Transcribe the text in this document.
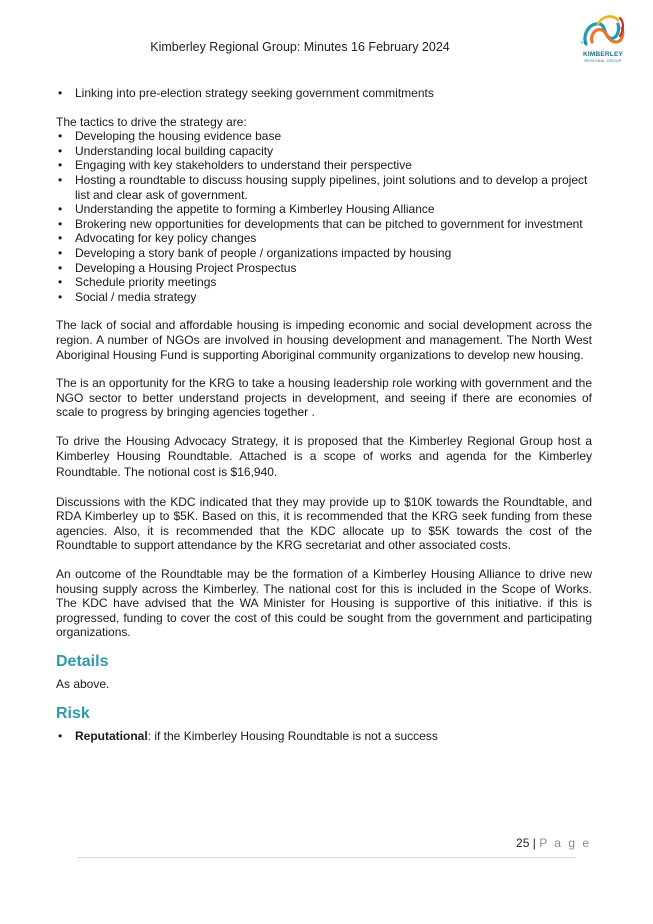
Kimberley Regional Group: Minutes 16 February 2024	THE
KIMBERLEY
REGIONAL GROUP
• Linking into pre-election strategy seeking government commitments

The tactics to drive the strategy are:

• Developing the housing evidence base
• Understanding local building capacity
• Engaging with key stakeholders to understand their perspective
• Hosting a roundtable to discuss housing supply pipelines, joint solutions and to develop a project list and clear ask of government.
• Understanding the appetite to forming a Kimberley Housing Alliance
• Brokering new opportunities for developments that can be pitched to government for investment
• Advocating for key policy changes
• Developing a story bank of people / organizations impacted by housing
• Developing a Housing Project Prospectus
• Schedule priority meetings
• Social / media strategy

The lack of social and affordable housing is impeding economic and social development across the region. A number of NGOs are involved in housing development and management. The North West Aboriginal Housing Fund is supporting Aboriginal community organizations to develop new housing.

The is an opportunity for the KRG to take a housing leadership role working with government and the NGO sector to better understand projects in development, and seeing if there are economies of scale to progress by bringing agencies together .

To drive the Housing Advocacy Strategy, it is proposed that the Kimberley Regional Group host a Kimberley Housing Roundtable. Attached is a scope of works and agenda for the Kimberley Roundtable. The notional cost is $16,940.

Discussions with the KDC indicated that they may provide up to $10K towards the Roundtable, and RDA Kimberley up to $5K. Based on this, it is recommended that the KRG seek funding from these agencies. Also, it is recommended that the KDC allocate up to $5K towards the cost of the Roundtable to support attendance by the KRG secretariat and other associated costs.

An outcome of the Roundtable may be the formation of a Kimberley Housing Alliance to drive new housing supply across the Kimberley. The national cost for this is included in the Scope of Works. The KDC have advised that the WA Minister for Housing is supportive of this initiative. if this is progressed, funding to cover the cost of this could be sought from the government and participating organizations.

Details

As above.

Risk
• Reputational: if the Kimberley Housing Roundtable is not a success
25 | P a g e
